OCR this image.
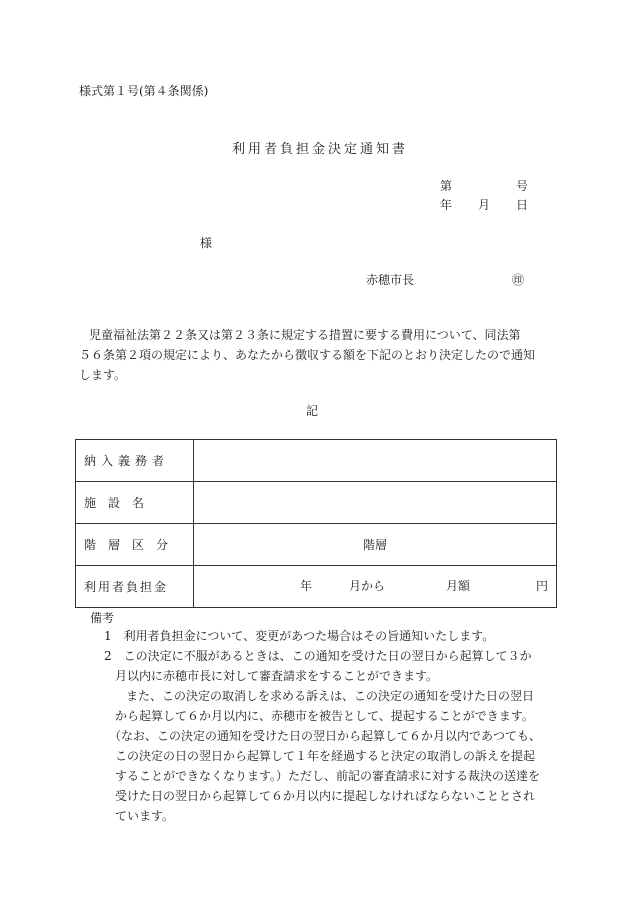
様式第１号(第４条関係)
利用者負担金決定通知書
第	号
年 月 日
様
赤穂市長	㊞
児童福祉法第２２条又は第２３条に規定する措置に要する費用について、同法第
５６条第２項の規定により、あなたから徴収する額を下記のとおり決定したので通知
します。
記
納入義務者	
施　設　名	
階　層　区　分	階層
利用者負担金	年 月から 月額 円
備考
1　利用者負担金について、変更があつた場合はその旨通知いたします。
2　この決定に不服があるときは、この通知を受けた日の翌日から起算して３か
月以内に赤穂市長に対して審査請求をすることができます。
また、この決定の取消しを求める訴えは、この決定の通知を受けた日の翌日
から起算して６か月以内に、赤穂市を被告として、提起することができます。
（なお、この決定の通知を受けた日の翌日から起算して６か月以内であつても、
この決定の日の翌日から起算して１年を経過すると決定の取消しの訴えを提起
することができなくなります。）ただし、前記の審査請求に対する裁決の送達を
受けた日の翌日から起算して６か月以内に提起しなければならないこととされ
ています。
